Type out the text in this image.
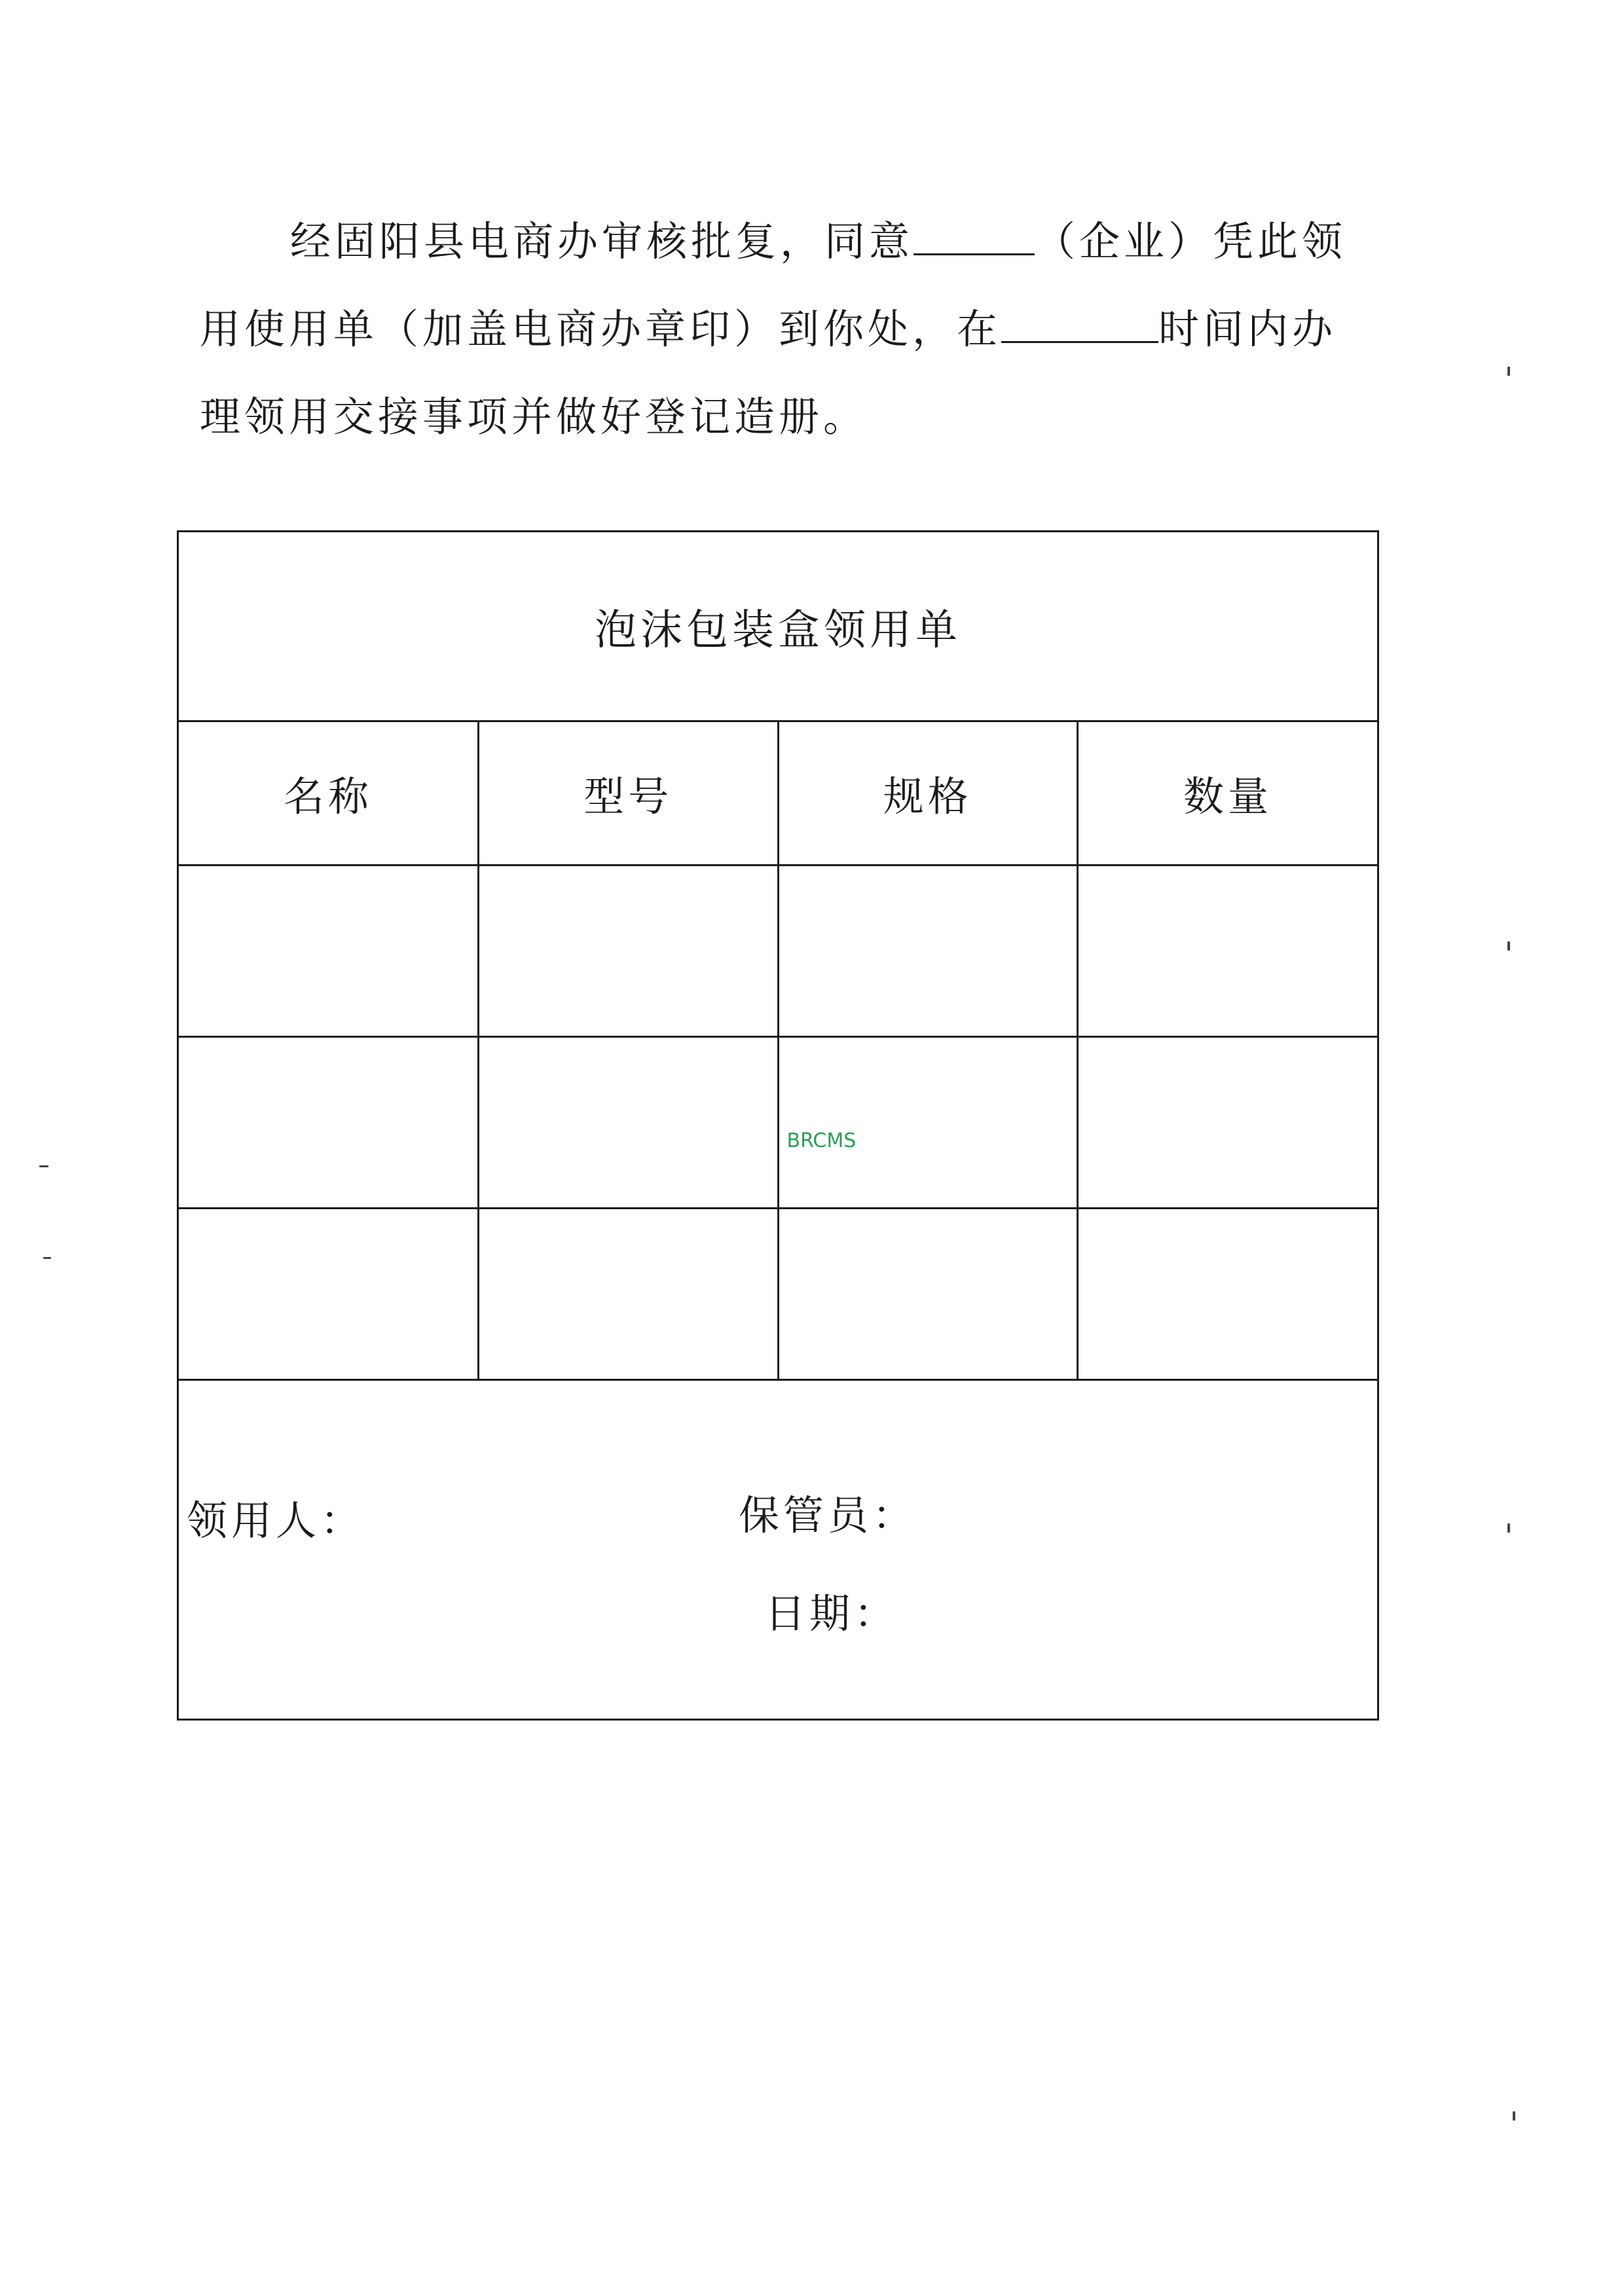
经固阳县电商办审核批复，同意	（企业）凭此领
用使用单（加盖电商办章印）到你处，在	时间内办
理领用交接事项并做好登记造册。
泡沫包装盒领用单
名称	型号	规格	数量

		BRCMS	

领用人：	保管员：
日期：
